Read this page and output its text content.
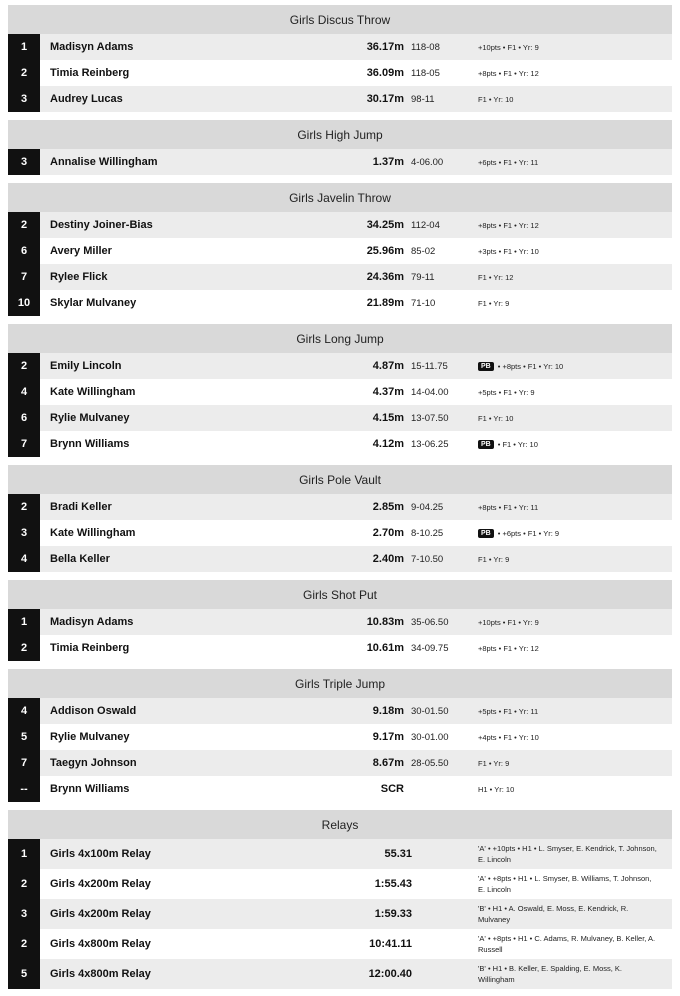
Girls Discus Throw
1	Madisyn Adams	36.17m 118-08	+10pts • F1 • Yr: 9
2	Timia Reinberg	36.09m 118-05	+8pts • F1 • Yr: 12
3	Audrey Lucas	30.17m 98-11	F1 • Yr: 10
Girls High Jump
3	Annalise Willingham	1.37m 4-06.00	+6pts • F1 • Yr: 11
Girls Javelin Throw
2	Destiny Joiner-Bias	34.25m 112-04	+8pts • F1 • Yr: 12
6	Avery Miller	25.96m 85-02	+3pts • F1 • Yr: 10
7	Rylee Flick	24.36m 79-11	F1 • Yr: 12
10	Skylar Mulvaney	21.89m 71-10	F1 • Yr: 9
Girls Long Jump
2	Emily Lincoln	4.87m 15-11.75	PB • +8pts • F1 • Yr: 10
4	Kate Willingham	4.37m 14-04.00	+5pts • F1 • Yr: 9
6	Rylie Mulvaney	4.15m 13-07.50	F1 • Yr: 10
7	Brynn Williams	4.12m 13-06.25	PB • F1 • Yr: 10
Girls Pole Vault
2	Bradi Keller	2.85m 9-04.25	+8pts • F1 • Yr: 11
3	Kate Willingham	2.70m 8-10.25	PB • +6pts • F1 • Yr: 9
4	Bella Keller	2.40m 7-10.50	F1 • Yr: 9
Girls Shot Put
1	Madisyn Adams	10.83m 35-06.50	+10pts • F1 • Yr: 9
2	Timia Reinberg	10.61m 34-09.75	+8pts • F1 • Yr: 12
Girls Triple Jump
4	Addison Oswald	9.18m 30-01.50	+5pts • F1 • Yr: 11
5	Rylie Mulvaney	9.17m 30-01.00	+4pts • F1 • Yr: 10
7	Taegyn Johnson	8.67m 28-05.50	F1 • Yr: 9
--	Brynn Williams	SCR	H1 • Yr: 10
Relays
1	Girls 4x100m Relay	55.31	'A' • +10pts • H1 • L. Smyser, E. Kendrick, T. Johnson, E. Lincoln
2	Girls 4x200m Relay	1:55.43	'A' • +8pts • H1 • L. Smyser, B. Williams, T. Johnson, E. Lincoln
3	Girls 4x200m Relay	1:59.33	'B' • H1 • A. Oswald, E. Moss, E. Kendrick, R. Mulvaney
2	Girls 4x800m Relay	10:41.11	'A' • +8pts • H1 • C. Adams, R. Mulvaney, B. Keller, A. Russell
5	Girls 4x800m Relay	12:00.40	'B' • H1 • B. Keller, E. Spalding, E. Moss, K. Willingham
